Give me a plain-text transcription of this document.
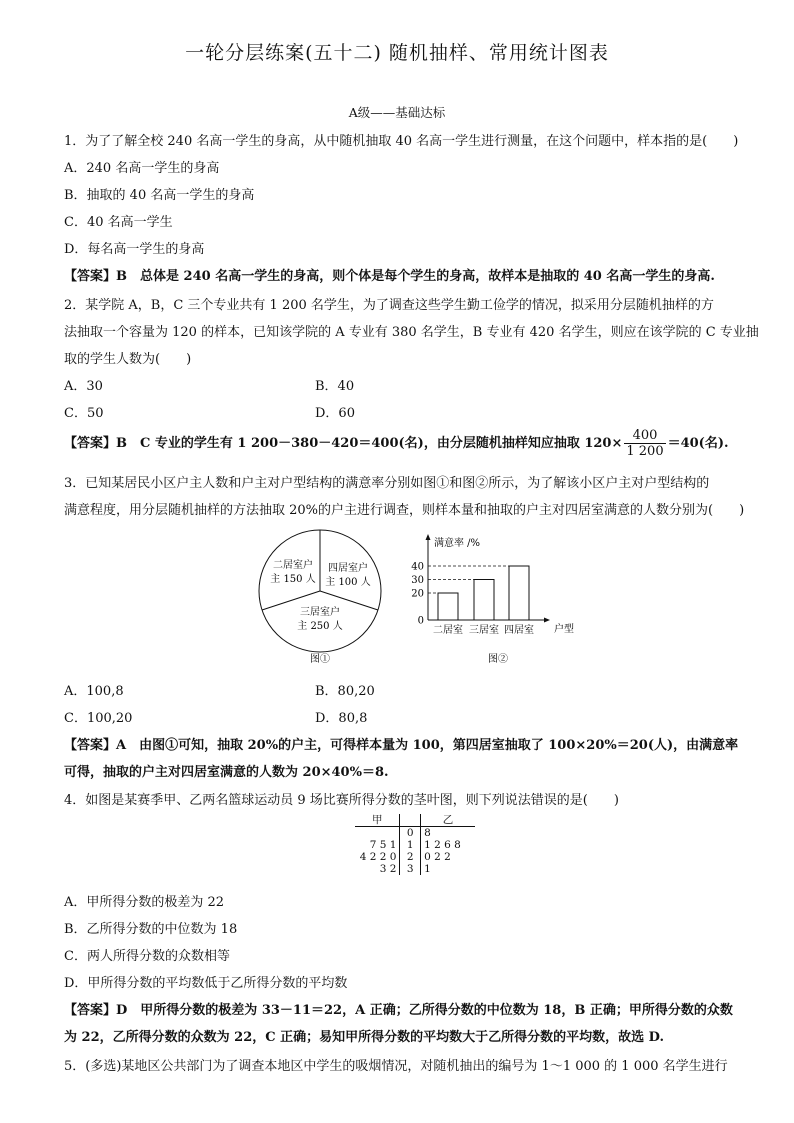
一轮分层练案(五十二) 随机抽样、常用统计图表
A级——基础达标
1．为了了解全校 240 名高一学生的身高，从中随机抽取 40 名高一学生进行测量，在这个问题中，样本指的是(　　)
A．240 名高一学生的身高
B．抽取的 40 名高一学生的身高
C．40 名高一学生
D．每名高一学生的身高
【答案】B　总体是 240 名高一学生的身高，则个体是每个学生的身高，故样本是抽取的 40 名高一学生的身高.
2．某学院 A，B，C 三个专业共有 1 200 名学生，为了调查这些学生勤工俭学的情况，拟采用分层随机抽样的方
法抽取一个容量为 120 的样本，已知该学院的 A 专业有 380 名学生，B 专业有 420 名学生，则应在该学院的 C 专业抽
取的学生人数为(　　)
A．30	B．40
C．50	D．60
【答案】B　C 专业的学生有 1 200－380－420＝400(名)，由分层随机抽样知应抽取 $120\times \frac{400}{1 200} =40$(名).
3．已知某居民小区户主人数和户主对户型结构的满意率分别如图①和图②所示，为了解该小区户主对户型结构的
满意程度，用分层随机抽样的方法抽取 20%的户主进行调查，则样本量和抽取的户主对四居室满意的人数分别为(　　)
二居室户
主 150 人
四居室户
主 100 人
三居室户
主 250 人
图①
满意率 /%
户型
0
20
30
40
二居室 三居室 四居室
图②
A．100,8	B．80,20
C．100,20	D．80,8
【答案】A　由图①可知，抽取 20%的户主，可得样本量为 100，第四居室抽取了 100×20%＝20(人)，由满意率
可得，抽取的户主对四居室满意的人数为 20×40%＝8.
4．如图是某赛季甲、乙两名篮球运动员 9 场比赛所得分数的茎叶图，则下列说法错误的是(　　)
甲		乙
	0	8
7 5 1	1	1 2 6 8
4 2 2 0	2	0 2 2
3 2	3	1
A．甲所得分数的极差为 22
B．乙所得分数的中位数为 18
C．两人所得分数的众数相等
D．甲所得分数的平均数低于乙所得分数的平均数
【答案】D　甲所得分数的极差为 33－11＝22，A 正确；乙所得分数的中位数为 18，B 正确；甲所得分数的众数
为 22，乙所得分数的众数为 22，C 正确；易知甲所得分数的平均数大于乙所得分数的平均数，故选 D.
5．(多选)某地区公共部门为了调查本地区中学生的吸烟情况，对随机抽出的编号为 1～1 000 的 1 000 名学生进行
